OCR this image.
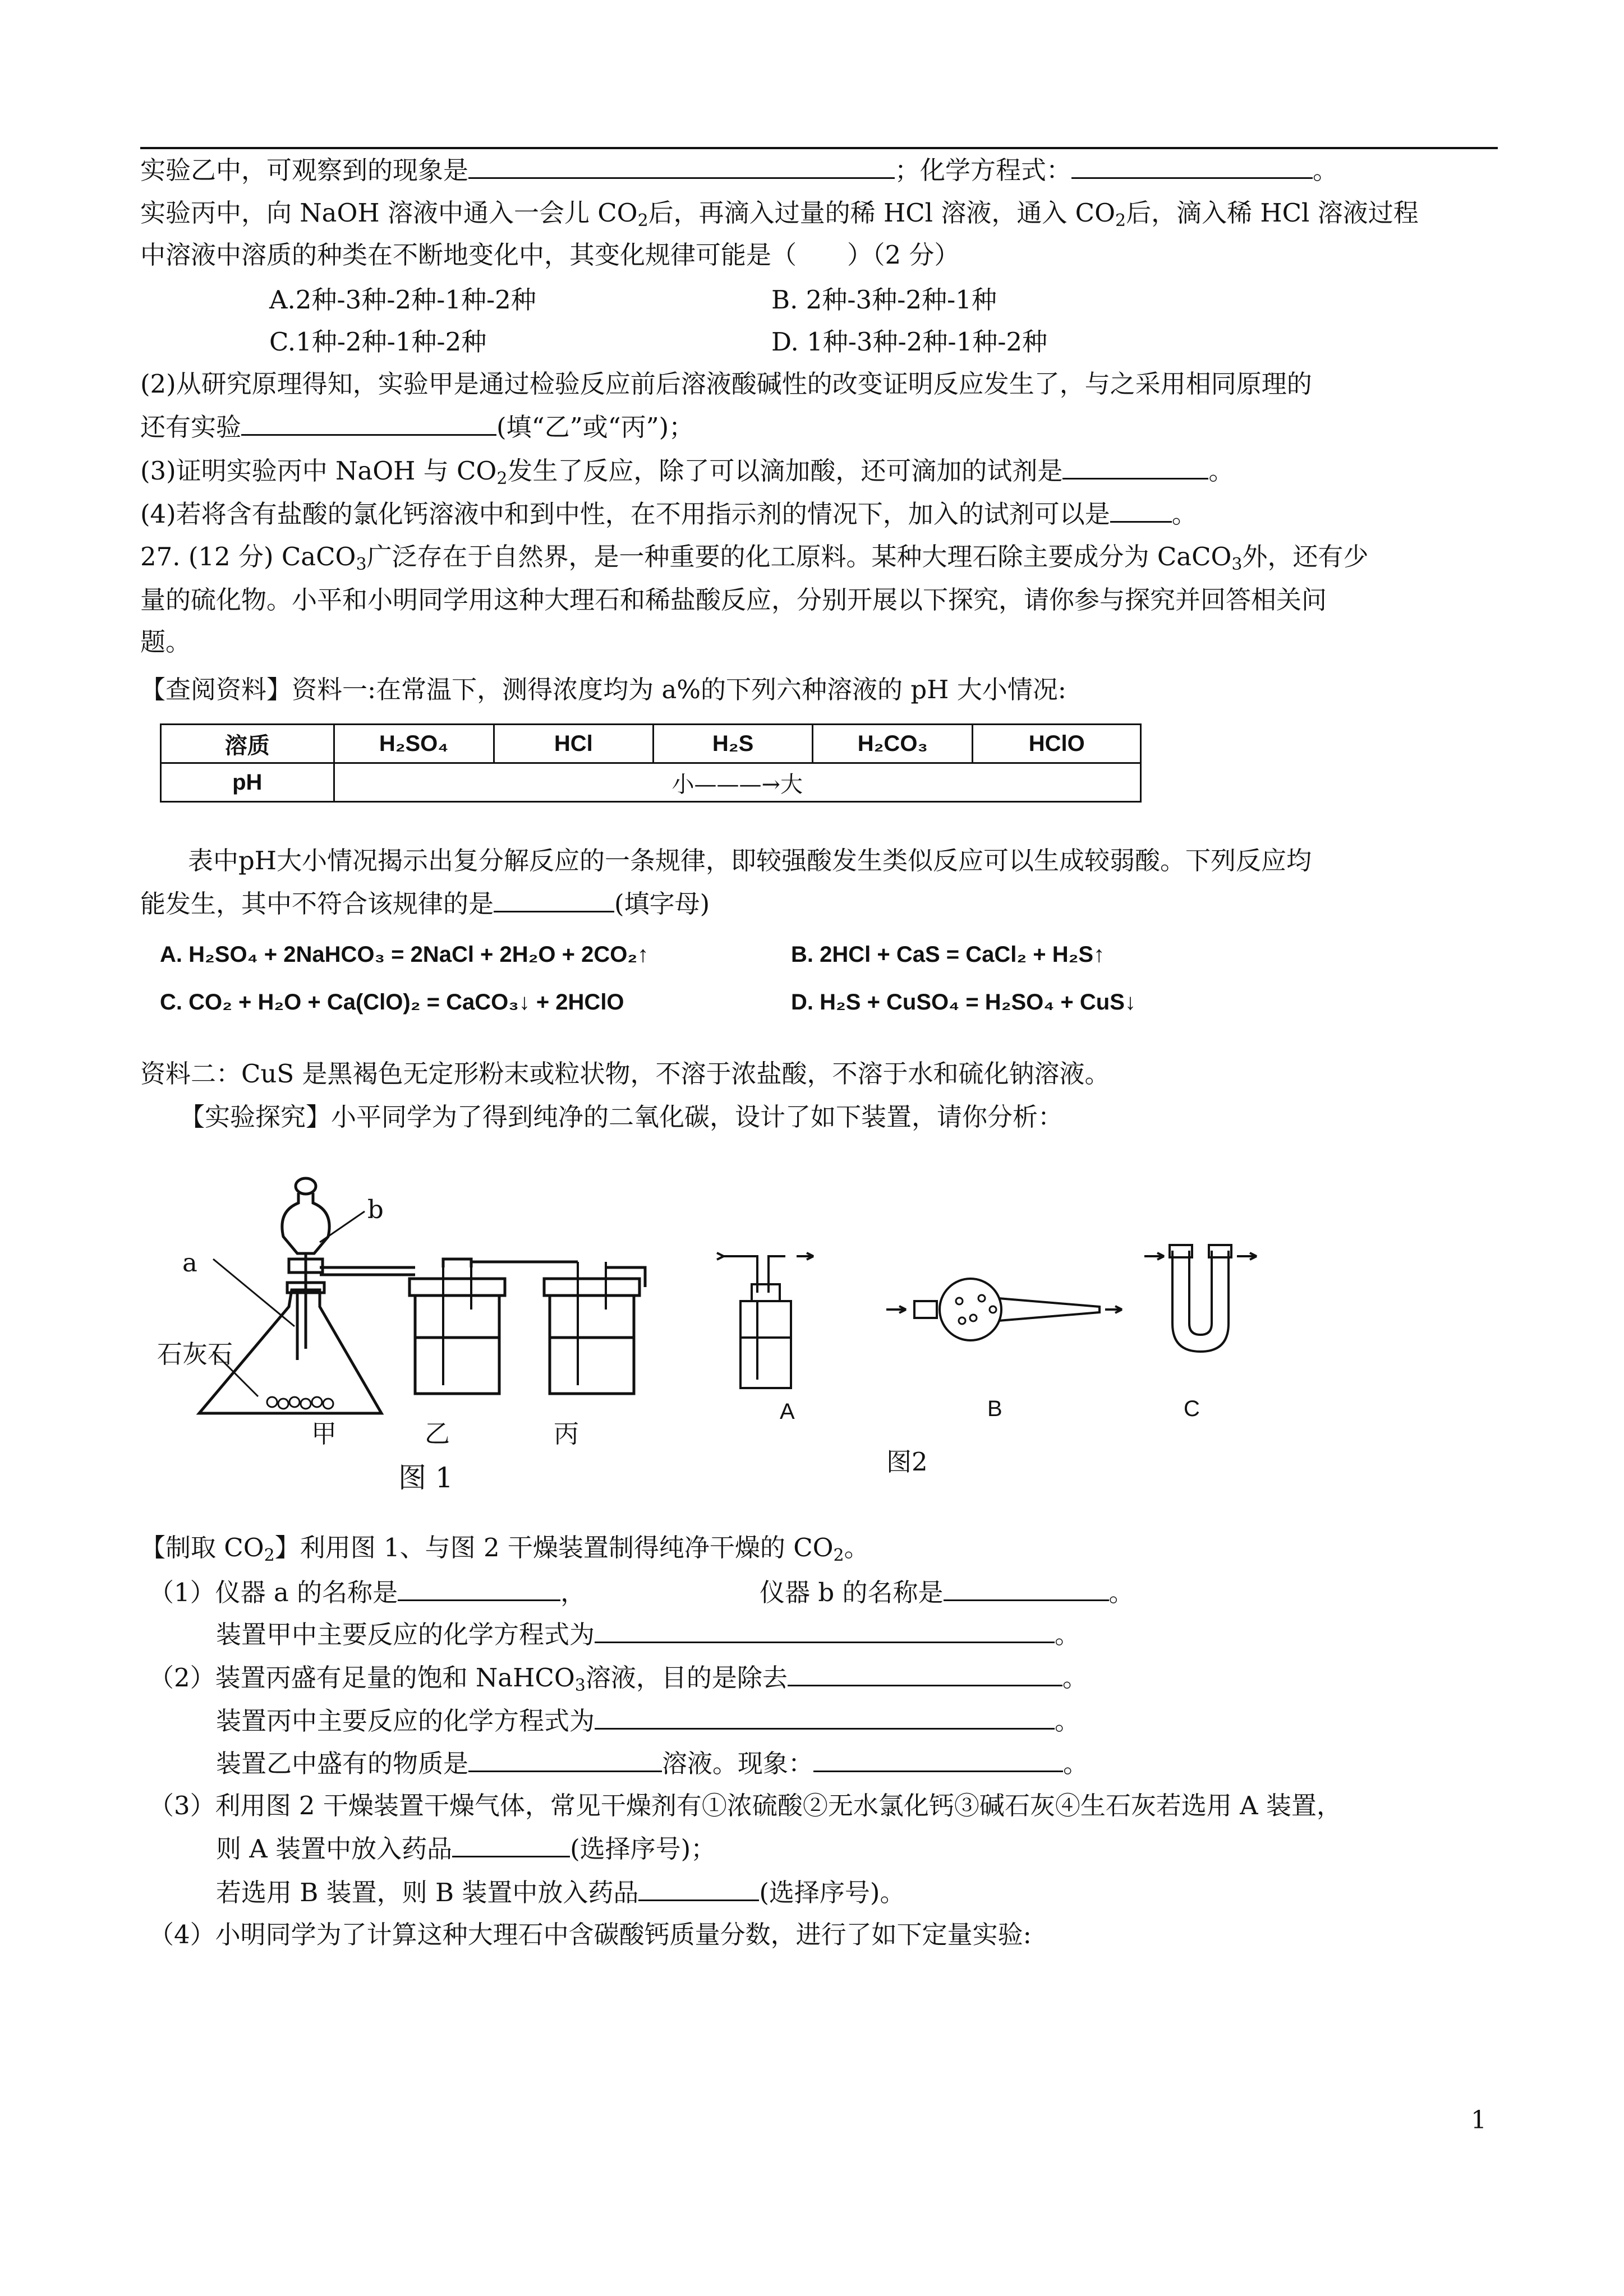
实验乙中，可观察到的现象是	；化学方程式：	。
实验丙中，向 NaOH 溶液中通入一会儿 $CO_2$后，再滴入过量的稀 HCl 溶液，通入 $CO_2$后，滴入稀 HCl 溶液过程
中溶液中溶质的种类在不断地变化中，其变化规律可能是（　　）（2 分）
A.2种-3种-2种-1种-2种	B. 2种-3种-2种-1种
C.1种-2种-1种-2种	D. 1种-3种-2种-1种-2种
(2)从研究原理得知，实验甲是通过检验反应前后溶液酸碱性的改变证明反应发生了，与之采用相同原理的
还有实验	(填“乙”或“丙”)；
(3)证明实验丙中 NaOH 与 $CO_2$发生了反应，除了可以滴加酸，还可滴加的试剂是	。
(4)若将含有盐酸的氯化钙溶液中和到中性，在不用指示剂的情况下，加入的试剂可以是 。
27. (12 分) CaCO$_3$广泛存在于自然界，是一种重要的化工原料。某种大理石除主要成分为 CaCO$_3$外，还有少
量的硫化物。小平和小明同学用这种大理石和稀盐酸反应，分别开展以下探究，请你参与探究并回答相关问
题。
【查阅资料】资料一:在常温下，测得浓度均为 a%的下列六种溶液的 pH 大小情况:
溶质	H₂SO₄	HCl	H₂S	H₂CO₃	HClO
pH	小———→大				
表中pH大小情况揭示出复分解反应的一条规律，即较强酸发生类似反应可以生成较弱酸。下列反应均
能发生，其中不符合该规律的是	(填字母)
A. H₂SO₄ + 2NaHCO₃ = 2NaCl + 2H₂O + 2CO₂↑	B. 2HCl + CaS = CaCl₂ + H₂S↑
C. CO₂ + H₂O + Ca(ClO)₂ = CaCO₃↓ + 2HClO	D. H₂S + CuSO₄ = H₂SO₄ + CuS↓
资料二：CuS 是黑褐色无定形粉末或粒状物，不溶于浓盐酸，不溶于水和硫化钠溶液。
【实验探究】小平同学为了得到纯净的二氧化碳，设计了如下装置，请你分析：
b
a
石灰石
甲	乙	丙
图 1
A	B	C
图2
【制取 $CO_2$】利用图 1、与图 2 干燥装置制得纯净干燥的 $CO_2$。
（1）仪器 a 的名称是	，	仪器 b 的名称是	。
装置甲中主要反应的化学方程式为	。
（2）装置丙盛有足量的饱和 NaHCO$_3$溶液，目的是除去	。
装置丙中主要反应的化学方程式为	。
装置乙中盛有的物质是	溶液。现象：	。
（3）利用图 2 干燥装置干燥气体，常见干燥剂有①浓硫酸②无水氯化钙③碱石灰④生石灰若选用 A 装置，
则 A 装置中放入药品	(选择序号)；
若选用 B 装置，则 B 装置中放入药品	(选择序号)。
（4）小明同学为了计算这种大理石中含碳酸钙质量分数，进行了如下定量实验:
1
